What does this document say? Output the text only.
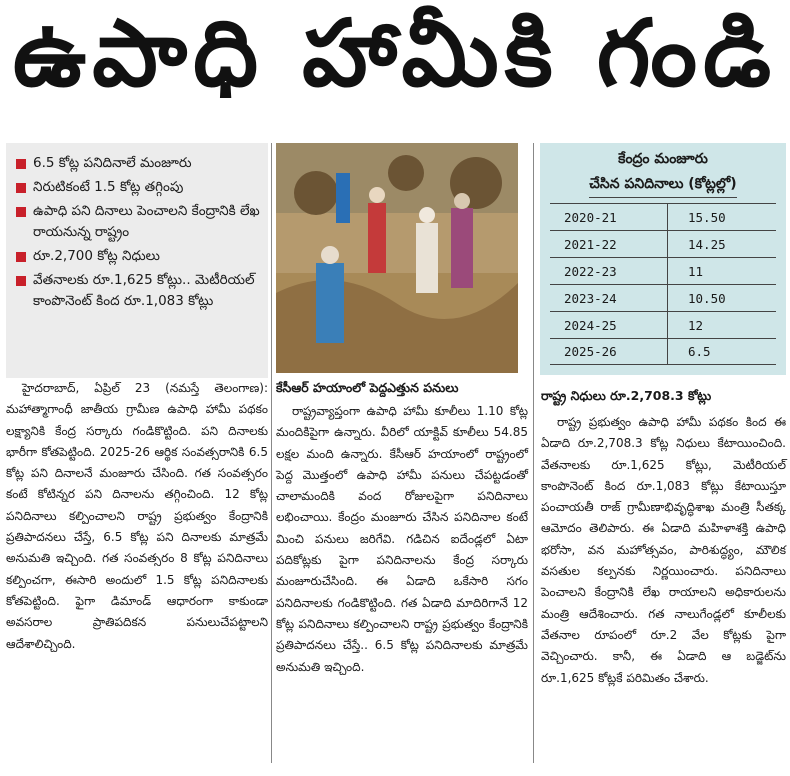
ఉపాధి హామీకి గండి
6.5 కోట్ల పనిదినాలే మంజూరు
నిరుటికంటే 1.5 కోట్ల తగ్గింపు
ఉపాధి పని దినాలు పెంచాలని కేంద్రానికి లేఖ రాయనున్న రాష్ట్రం
రూ.2,700 కోట్ల నిధులు
వేతనాలకు రూ.1,625 కోట్లు.. మెటీరియల్ కాంపొనెంట్ కింద రూ.1,083 కోట్లు
కేసీఆర్ హయాంలో పెద్దఎత్తున పనులు
కేంద్రం మంజూరు
చేసిన పనిదినాలు (కోట్లల్లో)
2020-21	15.50
2021-22	14.25
2022-23	11
2023-24	10.50
2024-25	12
2025-26	6.5
రాష్ట్ర నిధులు రూ.2,708.3 కోట్లు

హైదరాబాద్, ఏప్రిల్ 23 (నమస్తే తెలంగాణ): మహాత్మాగాంధీ జాతీయ గ్రామీణ ఉపాధి హామీ పథకం లక్ష్యానికి కేంద్ర సర్కారు గండికొట్టింది. పని దినాలకు భారీగా కోతపెట్టింది. 2025-26 ఆర్థిక సంవత్సరానికి 6.5 కోట్ల పని దినాలనే మంజూరు చేసింది. గత సంవత్సరం కంటే కోటిన్నర పని దినాలను తగ్గించింది. 12 కోట్ల పనిదినాలు కల్పించాలని రాష్ట్ర ప్రభుత్వం కేంద్రానికి ప్రతిపాదనలు చేస్తే, 6.5 కోట్ల పని దినాలకు మాత్రమే అనుమతి ఇచ్చింది. గత సంవత్సరం 8 కోట్ల పనిదినాలు కల్పించగా, ఈసారి అందులో 1.5 కోట్ల పనిదినాలకు కోతపెట్టింది. ఫైగా డిమాండ్ ఆధారంగా కాకుండా అవసరాల ప్రాతిపదికన పనులుచేపట్టాలని ఆదేశాలిచ్చింది.

రాష్ట్రవ్యాప్తంగా ఉపాధి హామీ కూలీలు 1.10 కోట్ల మందికిపైగా ఉన్నారు. వీరిలో యాక్టివ్ కూలీలు 54.85 లక్షల మంది ఉన్నారు. కేసీఆర్ హయాంలో రాష్ట్రంలో పెద్ద మొత్తంలో ఉపాధి హామీ పనులు చేపట్టడంతో చాలామందికి వంద రోజులపైగా పనిదినాలు లభించాయి. కేంద్రం మంజూరు చేసిన పనిదినాల కంటే మించి పనులు జరిగేవి. గడిచిన ఐదేండ్లలో ఏటా పదికోట్లకు పైగా పనిదినాలను కేంద్ర సర్కారు మంజూరుచేసింది. ఈ ఏడాది ఒకేసారి సగం పనిదినాలకు గండికొట్టింది. గత ఏడాది మాదిరిగానే 12 కోట్ల పనిదినాలు కల్పించాలని రాష్ట్ర ప్రభుత్వం కేంద్రానికి ప్రతిపాదనలు చేస్తే.. 6.5 కోట్ల పనిదినాలకు మాత్రమే అనుమతి ఇచ్చింది.

రాష్ట్ర ప్రభుత్వం ఉపాధి హామీ పథకం కింద ఈ ఏడాది రూ.2,708.3 కోట్ల నిధులు కేటాయించింది. వేతనాలకు రూ.1,625 కోట్లు, మెటీరియల్ కాంపొనెంట్ కింద రూ.1,083 కోట్లు కేటాయిస్తూ పంచాయతీ రాజ్ గ్రామీణాభివృద్ధిశాఖ మంత్రి సీతక్క ఆమోదం తెలిపారు. ఈ ఏడాది మహిళాశక్తి ఉపాధి భరోసా, వన మహోత్సవం, పారిశుద్ధ్యం, మౌలిక వసతుల కల్పనకు నిర్ణయించారు. పనిదినాలు పెంచాలని కేంద్రానికి లేఖ రాయాలని అధికారులను మంత్రి ఆదేశించారు. గత నాలుగేండ్లలో కూలీలకు వేతనాల రూపంలో రూ.2 వేల కోట్లకు పైగా వెచ్చించారు. కానీ, ఈ ఏడాది ఆ బడ్జెట్‌ను రూ.1,625 కోట్లకే పరిమితం చేశారు.
